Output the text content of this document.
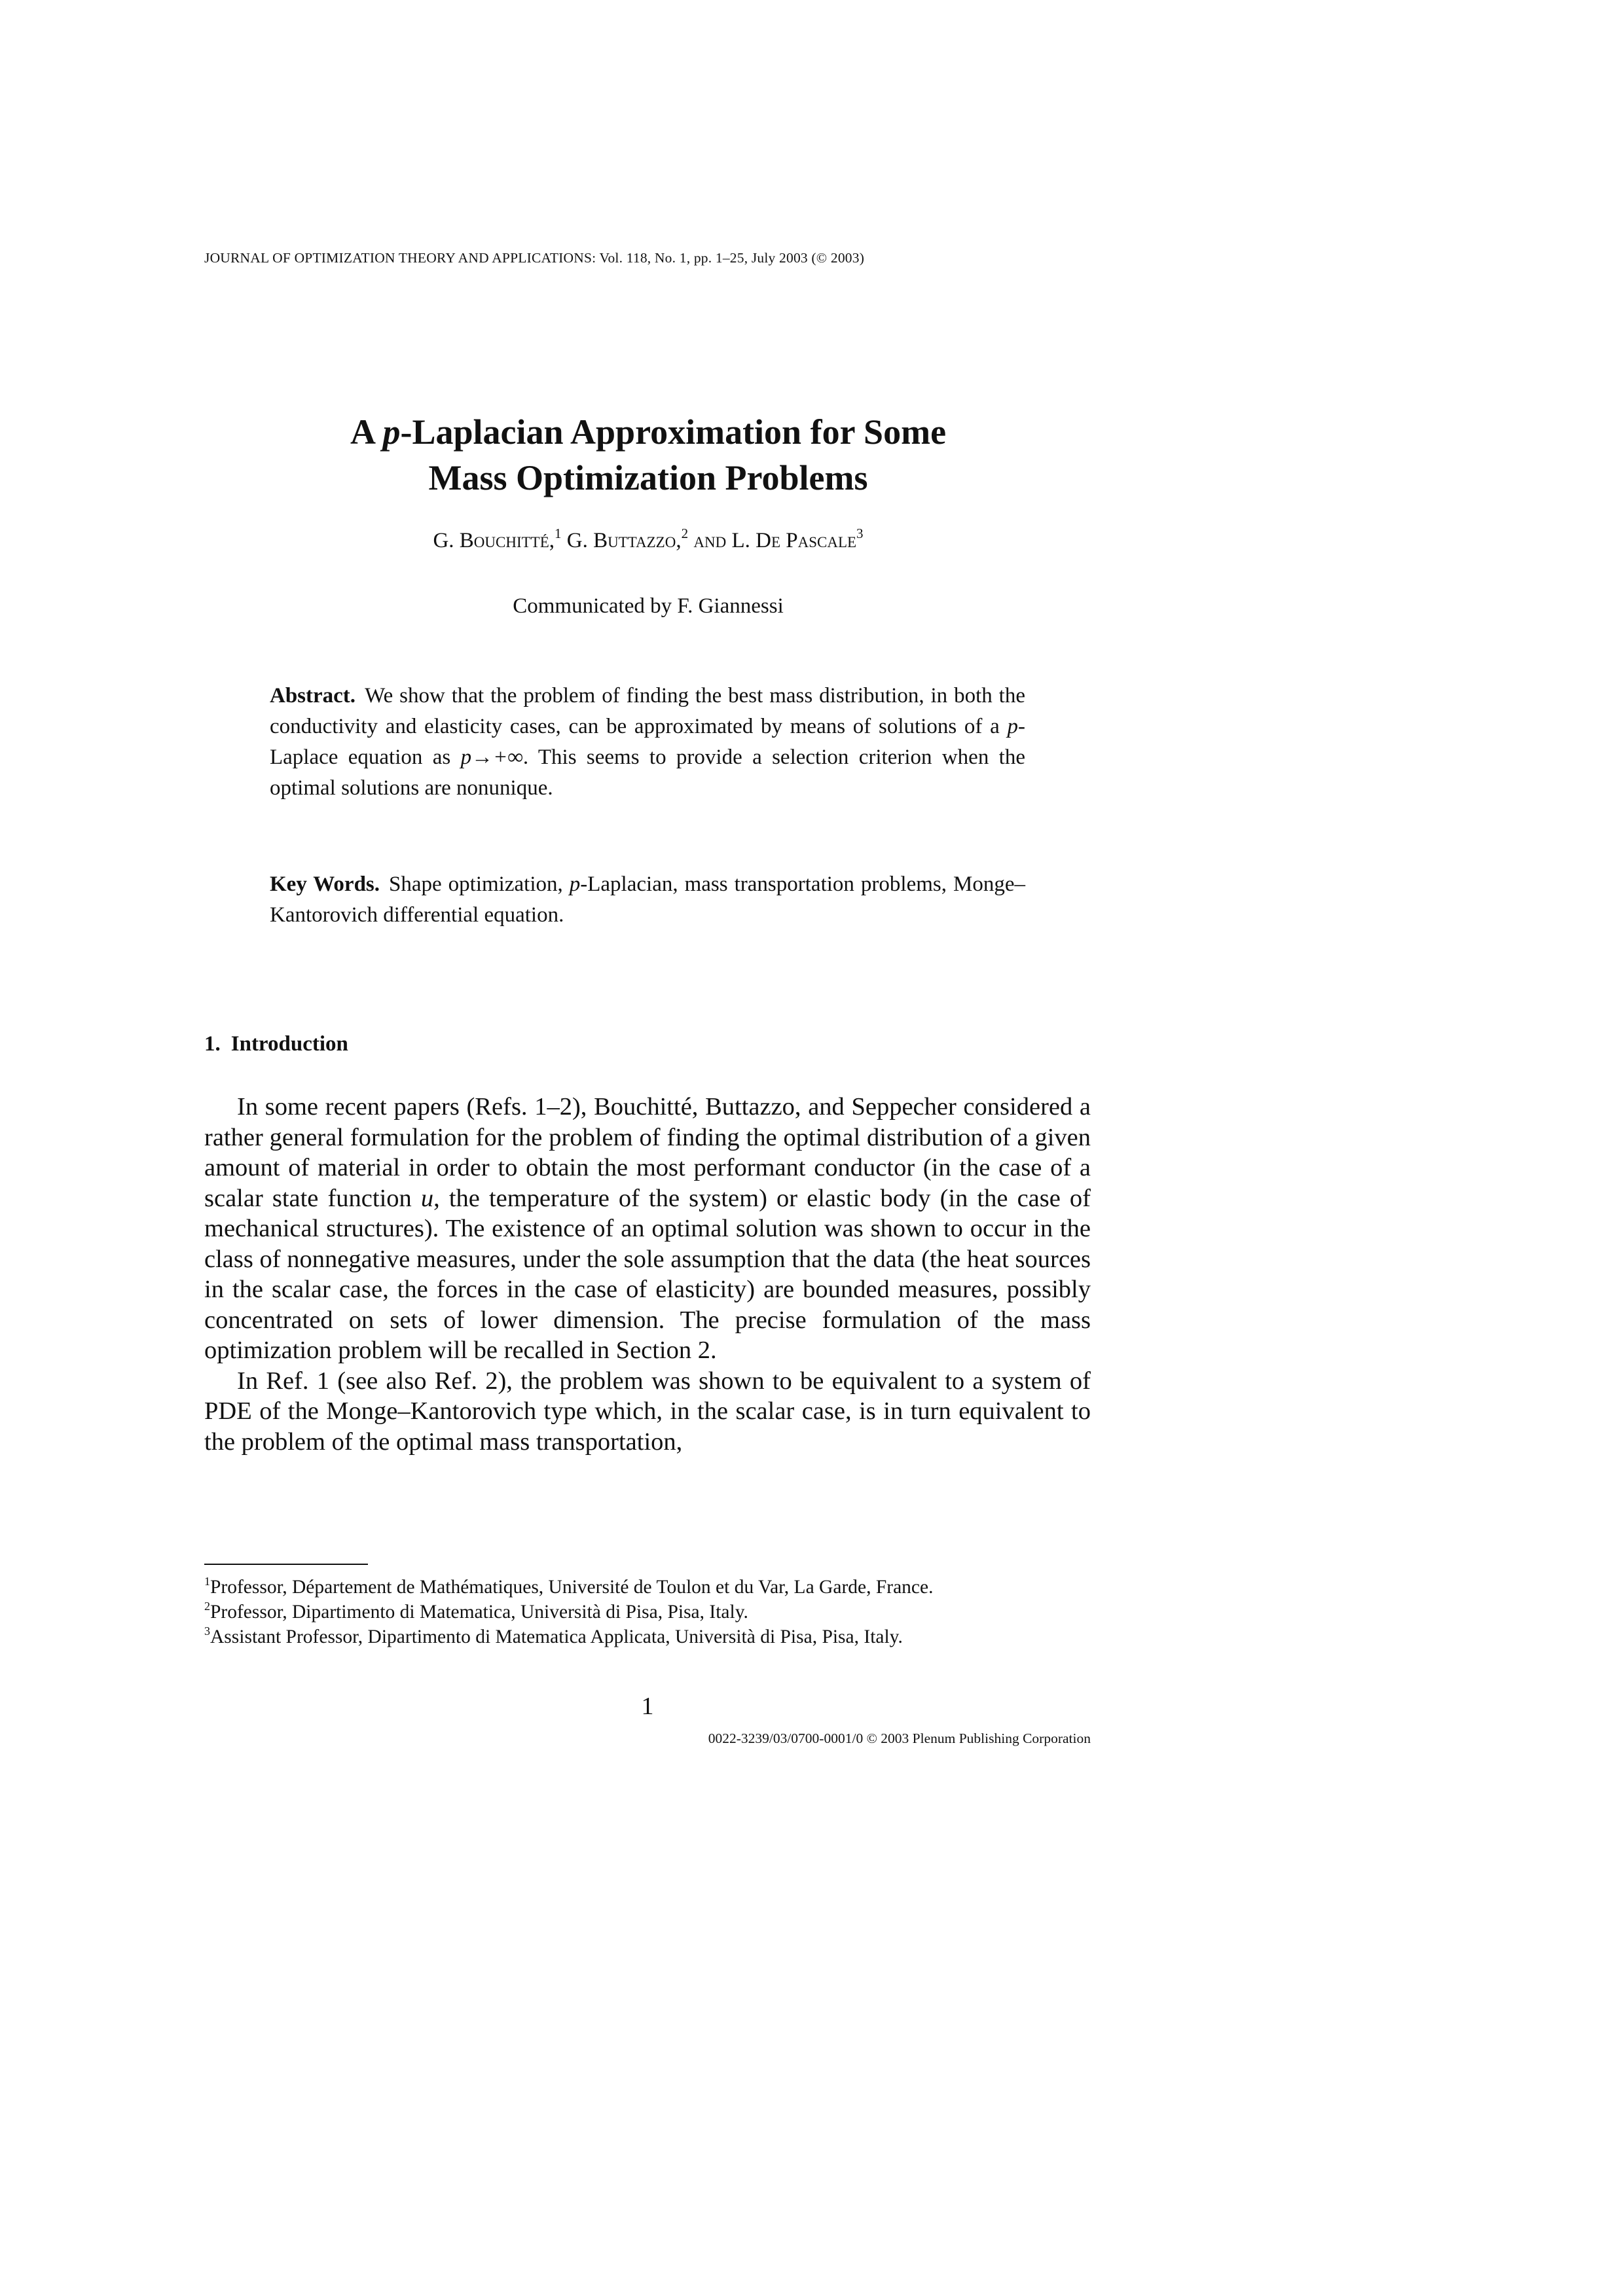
JOURNAL OF OPTIMIZATION THEORY AND APPLICATIONS: Vol. 118, No. 1, pp. 1–25, July 2003 (© 2003)
A p-Laplacian Approximation for Some
Mass Optimization Problems
G. Bouchitté,$^1$ G. Buttazzo,$^2$ and L. De Pascale$^3$
Communicated by F. Giannessi
Abstract. We show that the problem of finding the best mass distribution, in both the conductivity and elasticity cases, can be approximated by means of solutions of a p-Laplace equation as p→+∞. This seems to provide a selection criterion when the optimal solutions are nonunique.
Key Words. Shape optimization, p-Laplacian, mass transportation problems, Monge–Kantorovich differential equation.
1. Introduction

In some recent papers (Refs. 1–2), Bouchitté, Buttazzo, and Seppecher considered a rather general formulation for the problem of finding the optimal distribution of a given amount of material in order to obtain the most performant conductor (in the case of a scalar state function u, the temperature of the system) or elastic body (in the case of mechanical structures). The existence of an optimal solution was shown to occur in the class of nonnegative measures, under the sole assumption that the data (the heat sources in the scalar case, the forces in the case of elasticity) are bounded measures, possibly concentrated on sets of lower dimension. The precise formulation of the mass optimization problem will be recalled in Section 2.

In Ref. 1 (see also Ref. 2), the problem was shown to be equivalent to a system of PDE of the Monge–Kantorovich type which, in the scalar case, is in turn equivalent to the problem of the optimal mass transportation,

$^1$Professor, Département de Mathématiques, Université de Toulon et du Var, La Garde, France.

$^2$Professor, Dipartimento di Matematica, Università di Pisa, Pisa, Italy.

$^3$Assistant Professor, Dipartimento di Matematica Applicata, Università di Pisa, Pisa, Italy.

1
0022-3239/03/0700-0001/0 © 2003 Plenum Publishing Corporation
